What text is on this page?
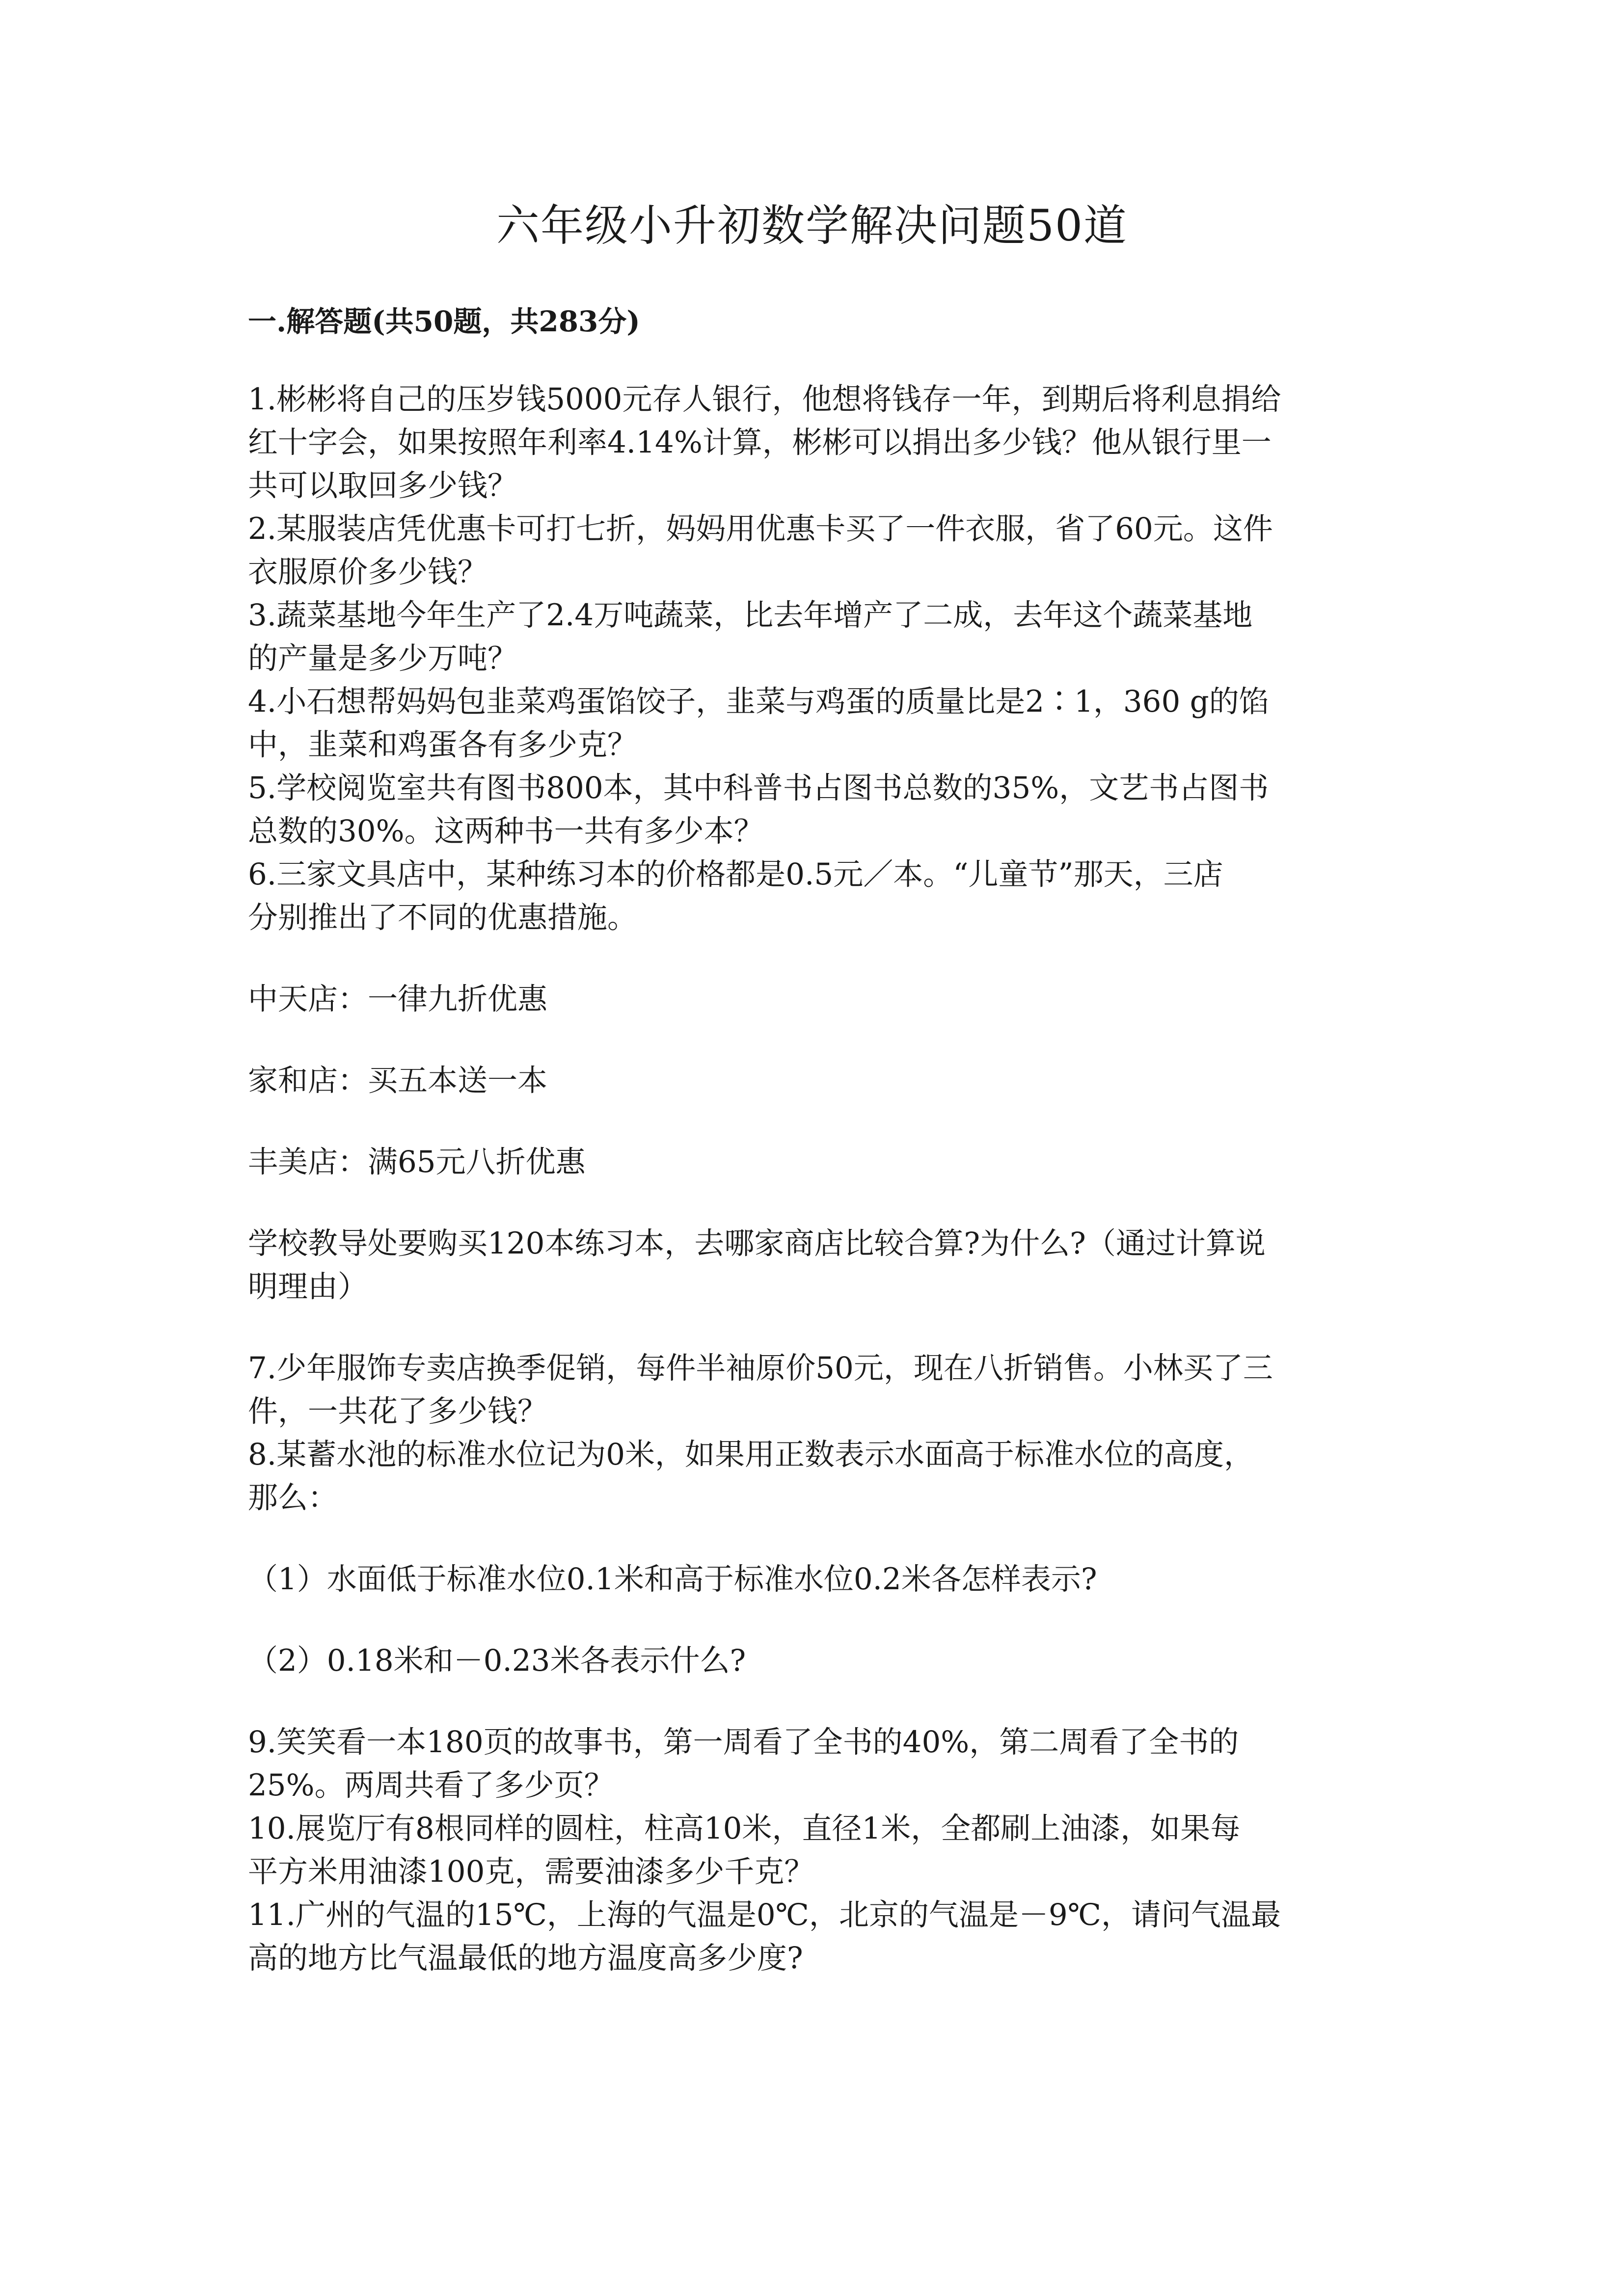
六年级小升初数学解决问题50道
一.解答题(共50题，共283分)

1.彬彬将自己的压岁钱5000元存人银行，他想将钱存一年，到期后将利息捐给

红十字会，如果按照年利率4.14%计算，彬彬可以捐出多少钱？他从银行里一

共可以取回多少钱？

2.某服装店凭优惠卡可打七折，妈妈用优惠卡买了一件衣服，省了60元。这件

衣服原价多少钱？

3.蔬菜基地今年生产了2.4万吨蔬菜，比去年增产了二成，去年这个蔬菜基地

的产量是多少万吨？

4.小石想帮妈妈包韭菜鸡蛋馅饺子，韭菜与鸡蛋的质量比是2∶1，360 g的馅

中，韭菜和鸡蛋各有多少克？

5.学校阅览室共有图书800本，其中科普书占图书总数的35%，文艺书占图书

总数的30%。这两种书一共有多少本？

6.三家文具店中，某种练习本的价格都是0.5元／本。“儿童节”那天，三店

分别推出了不同的优惠措施。

中天店：一律九折优惠

家和店：买五本送一本

丰美店：满65元八折优惠

学校教导处要购买120本练习本，去哪家商店比较合算?为什么?（通过计算说

明理由）

7.少年服饰专卖店换季促销，每件半袖原价50元，现在八折销售。小林买了三

件，一共花了多少钱？

8.某蓄水池的标准水位记为0米，如果用正数表示水面高于标准水位的高度，

那么：

（1）水面低于标准水位0.1米和高于标准水位0.2米各怎样表示?

（2）0.18米和－0.23米各表示什么?

9.笑笑看一本180页的故事书，第一周看了全书的40%，第二周看了全书的

25%。两周共看了多少页？

10.展览厅有8根同样的圆柱，柱高10米，直径1米，全都刷上油漆，如果每

平方米用油漆100克，需要油漆多少千克？

11.广州的气温的15℃，上海的气温是0℃，北京的气温是－9℃，请问气温最

高的地方比气温最低的地方温度高多少度?
